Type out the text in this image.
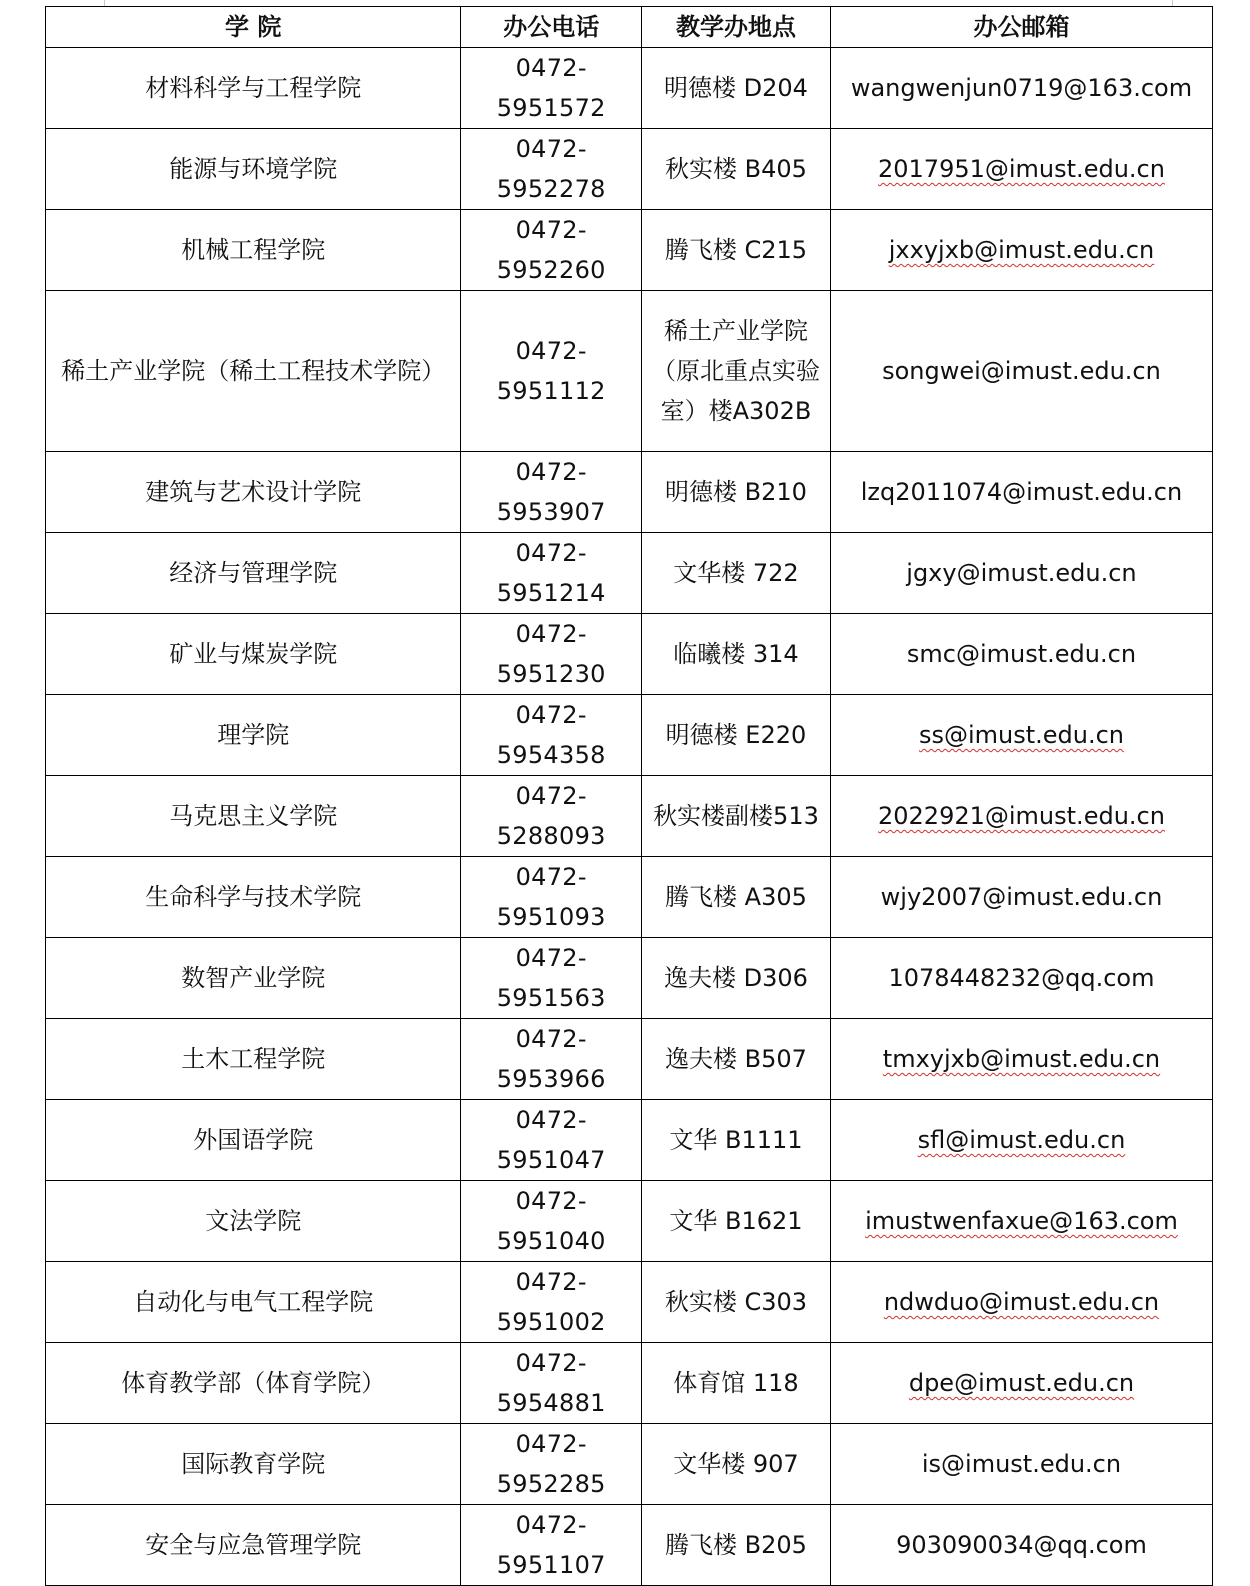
学 院	办公电话	教学办地点	办公邮箱
材料科学与工程学院	0472-5951572	明德楼 D204	wangwenjun0719@163.com
能源与环境学院	0472-5952278	秋实楼 B405	2017951@imust.edu.cn
机械工程学院	0472-5952260	腾飞楼 C215	jxxyjxb@imust.edu.cn
稀土产业学院（稀土工程技术学院）	0472-5951112	稀土产业学院（原北重点实验室）楼A302B	songwei@imust.edu.cn
建筑与艺术设计学院	0472-5953907	明德楼 B210	lzq2011074@imust.edu.cn
经济与管理学院	0472-5951214	文华楼 722	jgxy@imust.edu.cn
矿业与煤炭学院	0472-5951230	临曦楼 314	smc@imust.edu.cn
理学院	0472-5954358	明德楼 E220	ss@imust.edu.cn
马克思主义学院	0472-5288093	秋实楼副楼513	2022921@imust.edu.cn
生命科学与技术学院	0472-5951093	腾飞楼 A305	wjy2007@imust.edu.cn
数智产业学院	0472-5951563	逸夫楼 D306	1078448232@qq.com
土木工程学院	0472-5953966	逸夫楼 B507	tmxyjxb@imust.edu.cn
外国语学院	0472-5951047	文华 B1111	sfl@imust.edu.cn
文法学院	0472-5951040	文华 B1621	imustwenfaxue@163.com
自动化与电气工程学院	0472-5951002	秋实楼 C303	ndwduo@imust.edu.cn
体育教学部（体育学院）	0472-5954881	体育馆 118	dpe@imust.edu.cn
国际教育学院	0472-5952285	文华楼 907	is@imust.edu.cn
安全与应急管理学院	0472-5951107	腾飞楼 B205	903090034@qq.com
